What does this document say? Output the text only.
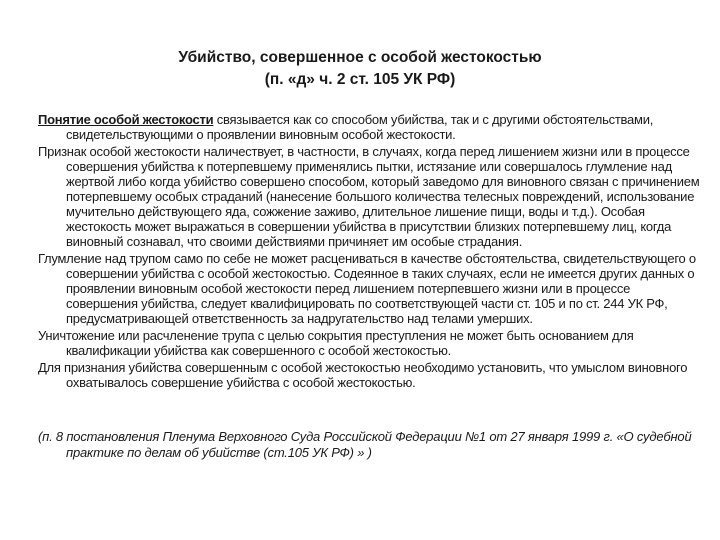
Убийство, совершенное с особой жестокостью
(п. «д» ч. 2 ст. 105 УК РФ)

Понятие особой жестокости связывается как со способом убийства, так и с другими обстоятельствами, свидетельствующими о проявлении виновным особой жестокости.

Признак особой жестокости наличествует, в частности, в случаях, когда перед лишением жизни или в процессе совершения убийства к потерпевшему применялись пытки, истязание или совершалось глумление над жертвой либо когда убийство совершено способом, который заведомо для виновного связан с причинением потерпевшему особых страданий (нанесение большого количества телесных повреждений, использование мучительно действующего яда, сожжение заживо, длительное лишение пищи, воды и т.д.). Особая жестокость может выражаться в совершении убийства в присутствии близких потерпевшему лиц, когда виновный сознавал, что своими действиями причиняет им особые страдания.

Глумление над трупом само по себе не может расцениваться в качестве обстоятельства, свидетельствующего о совершении убийства с особой жестокостью. Содеянное в таких случаях, если не имеется других данных о проявлении виновным особой жестокости перед лишением потерпевшего жизни или в процессе совершения убийства, следует квалифицировать по соответствующей части ст. 105 и по ст. 244 УК РФ, предусматривающей ответственность за надругательство над телами умерших.

Уничтожение или расчленение трупа с целью сокрытия преступления не может быть основанием для квалификации убийства как совершенного с особой жестокостью.

Для признания убийства совершенным с особой жестокостью необходимо установить, что умыслом виновного охватывалось совершение убийства с особой жестокостью.

(п. 8 постановления Пленума Верховного Суда Российской Федерации №1 от 27 января 1999 г. «О судебной практике по делам об убийстве (ст.105 УК РФ) » )
